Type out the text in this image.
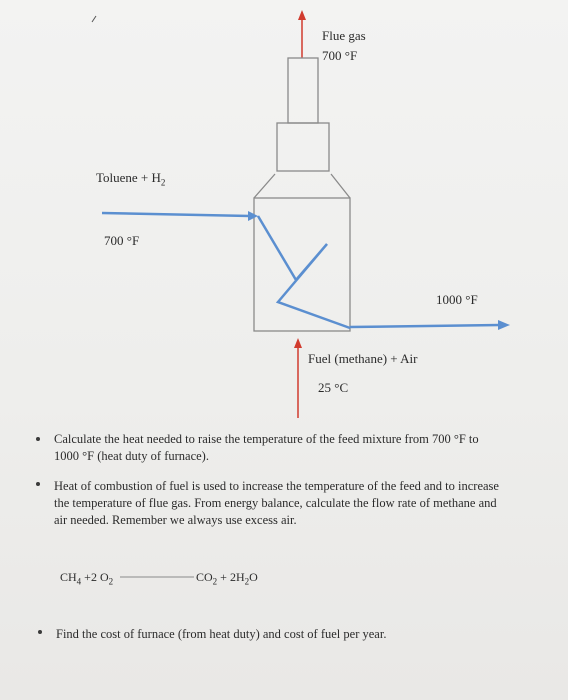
Flue gas
700 °F
Toluene + $H_2$
700 °F
1000 °F
Fuel (methane) + Air
25 °C
Calculate the heat needed to raise the temperature of the feed mixture from 700 °F to
1000 °F (heat duty of furnace).
Heat of combustion of fuel is used to increase the temperature of the feed and to increase
the temperature of flue gas. From energy balance, calculate the flow rate of methane and
air needed. Remember we always use excess air.
$CH_4 +2$ $O_2$	$CO_2 + 2H_2O$
Find the cost of furnace (from heat duty) and cost of fuel per year.
